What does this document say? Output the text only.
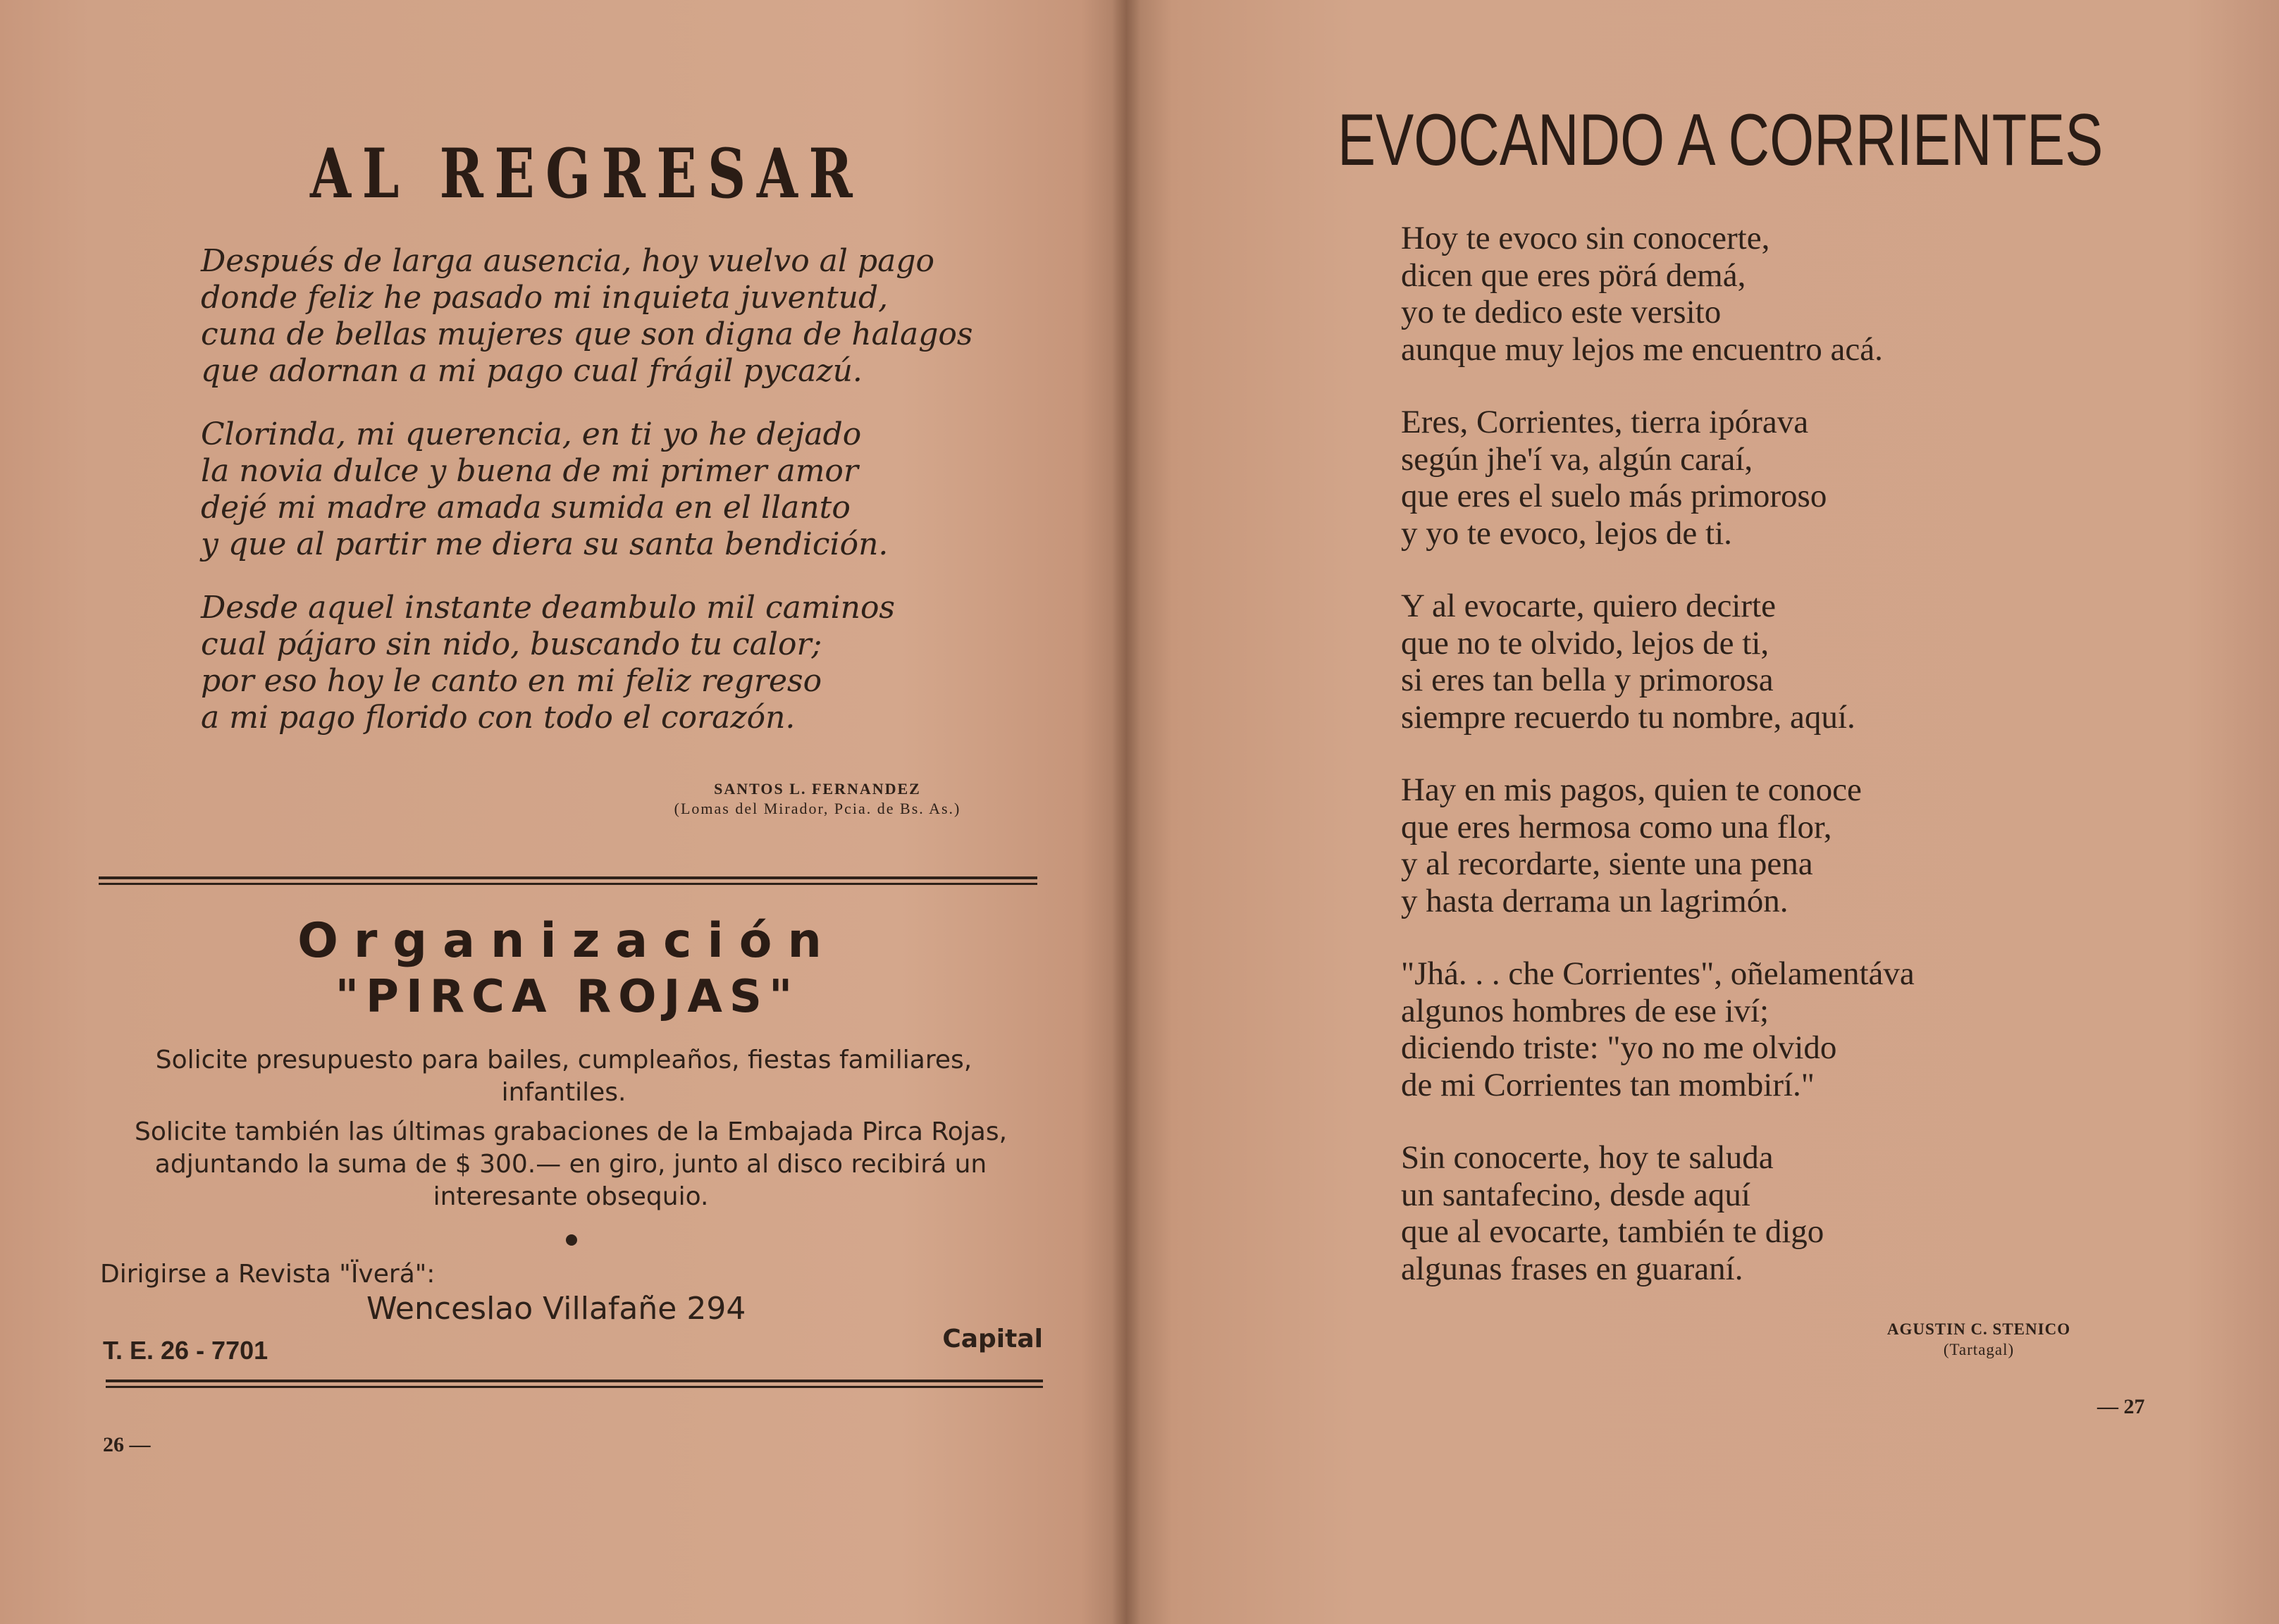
AL REGRESAR
Después de larga ausencia, hoy vuelvo al pago
donde feliz he pasado mi inquieta juventud,
cuna de bellas mujeres que son digna de halagos
que adornan a mi pago cual frágil pycazú.
Clorinda, mi querencia, en ti yo he dejado
la novia dulce y buena de mi primer amor
dejé mi madre amada sumida en el llanto
y que al partir me diera su santa bendición.
Desde aquel instante deambulo mil caminos
cual pájaro sin nido, buscando tu calor;
por eso hoy le canto en mi feliz regreso
a mi pago florido con todo el corazón.
SANTOS L. FERNANDEZ
(Lomas del Mirador, Pcia. de Bs. As.)
Organización
"PIRCA ROJAS"
Solicite presupuesto para bailes, cumpleaños, fiestas familiares, infantiles.
Solicite también las últimas grabaciones de la Embajada Pirca Rojas, adjuntando la suma de $ 300.— en giro, junto al disco recibirá un interesante obsequio.
Dirigirse a Revista "Ïverá":
Wenceslao Villafañe 294
T. E. 26 - 7701	Capital
26 —
EVOCANDO A CORRIENTES
Hoy te evoco sin conocerte,
dicen que eres pörá demá,
yo te dedico este versito
aunque muy lejos me encuentro acá.
Eres, Corrientes, tierra ipórava
según jhe'í va, algún caraí,
que eres el suelo más primoroso
y yo te evoco, lejos de ti.
Y al evocarte, quiero decirte
que no te olvido, lejos de ti,
si eres tan bella y primorosa
siempre recuerdo tu nombre, aquí.
Hay en mis pagos, quien te conoce
que eres hermosa como una flor,
y al recordarte, siente una pena
y hasta derrama un lagrimón.
"Jhá. . . che Corrientes", oñelamentáva
algunos hombres de ese iví;
diciendo triste: "yo no me olvido
de mi Corrientes tan mombirí."
Sin conocerte, hoy te saluda
un santafecino, desde aquí
que al evocarte, también te digo
algunas frases en guaraní.
AGUSTIN C. STENICO
(Tartagal)
— 27
